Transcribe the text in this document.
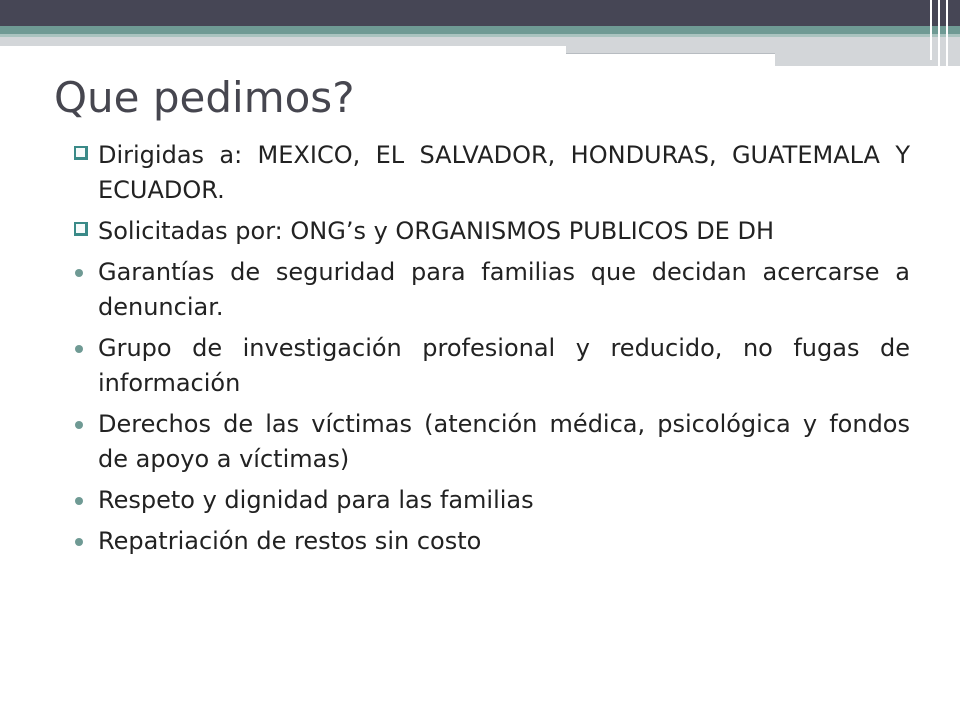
Que pedimos?
Dirigidas a: MEXICO, EL SALVADOR, HONDURAS, GUATEMALA Y ECUADOR.
Solicitadas por: ONG’s y ORGANISMOS PUBLICOS DE DH
Garantías de seguridad para familias que decidan acercarse a denunciar.
Grupo de investigación profesional y reducido, no fugas de información
Derechos de las víctimas (atención médica, psicológica y fondos de apoyo a víctimas)
Respeto y dignidad para las familias
Repatriación de restos sin costo
